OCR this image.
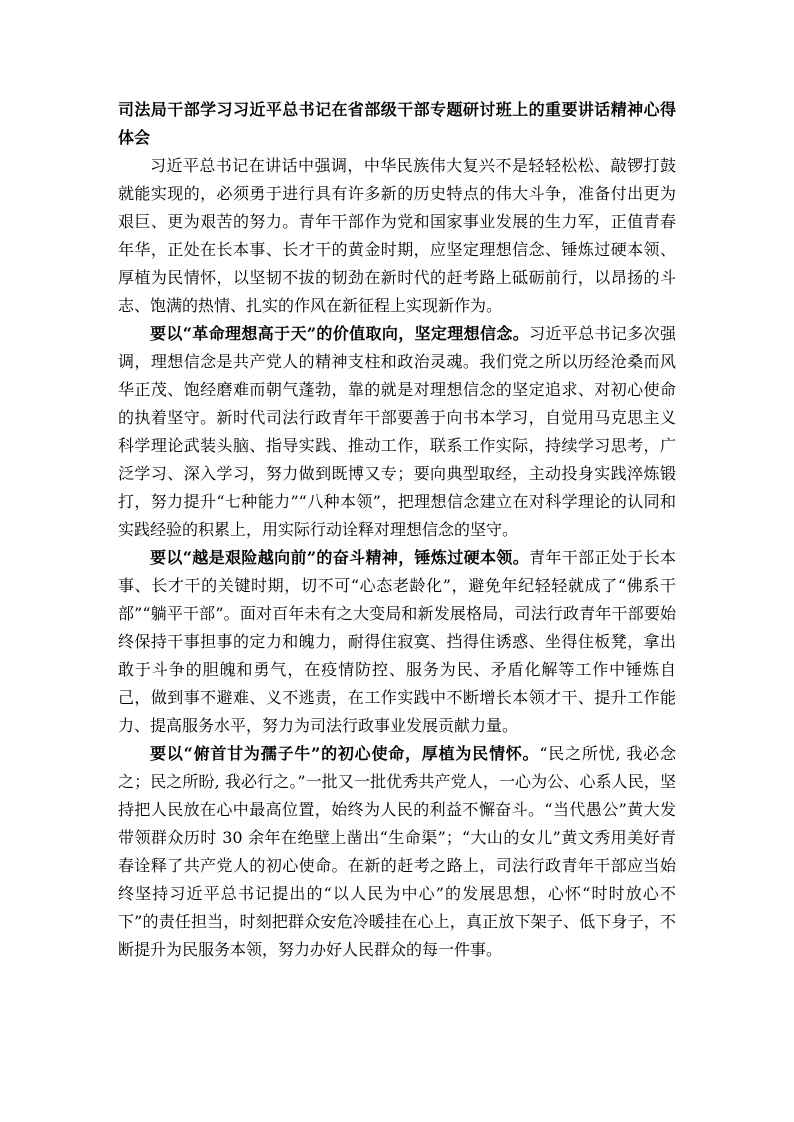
司法局干部学习习近平总书记在省部级干部专题研讨班上的重要讲话精神心得体会

习近平总书记在讲话中强调，中华民族伟大复兴不是轻轻松松、敲锣打鼓就能实现的，必须勇于进行具有许多新的历史特点的伟大斗争，准备付出更为艰巨、更为艰苦的努力。青年干部作为党和国家事业发展的生力军，正值青春年华，正处在长本事、长才干的黄金时期，应坚定理想信念、锤炼过硬本领、厚植为民情怀，以坚韧不拔的韧劲在新时代的赶考路上砥砺前行，以昂扬的斗志、饱满的热情、扎实的作风在新征程上实现新作为。

要以“革命理想高于天”的价值取向，坚定理想信念。习近平总书记多次强调，理想信念是共产党人的精神支柱和政治灵魂。我们党之所以历经沧桑而风华正茂、饱经磨难而朝气蓬勃，靠的就是对理想信念的坚定追求、对初心使命的执着坚守。新时代司法行政青年干部要善于向书本学习，自觉用马克思主义科学理论武装头脑、指导实践、推动工作，联系工作实际，持续学习思考，广泛学习、深入学习，努力做到既博又专；要向典型取经，主动投身实践淬炼锻打，努力提升“七种能力”“八种本领”，把理想信念建立在对科学理论的认同和实践经验的积累上，用实际行动诠释对理想信念的坚守。

要以“越是艰险越向前”的奋斗精神，锤炼过硬本领。青年干部正处于长本事、长才干的关键时期，切不可“心态老龄化”，避免年纪轻轻就成了“佛系干部”“躺平干部”。面对百年未有之大变局和新发展格局，司法行政青年干部要始终保持干事担事的定力和魄力，耐得住寂寞、挡得住诱惑、坐得住板凳，拿出敢于斗争的胆魄和勇气，在疫情防控、服务为民、矛盾化解等工作中锤炼自己，做到事不避难、义不逃责，在工作实践中不断增长本领才干、提升工作能力、提高服务水平，努力为司法行政事业发展贡献力量。

要以“俯首甘为孺子牛”的初心使命，厚植为民情怀。“民之所忧, 我必念之；民之所盼, 我必行之。”一批又一批优秀共产党人，一心为公、心系人民，坚持把人民放在心中最高位置，始终为人民的利益不懈奋斗。“当代愚公”黄大发带领群众历时 30 余年在绝壁上凿出“生命渠”；“大山的女儿”黄文秀用美好青春诠释了共产党人的初心使命。在新的赶考之路上，司法行政青年干部应当始终坚持习近平总书记提出的“以人民为中心”的发展思想，心怀“时时放心不下”的责任担当，时刻把群众安危冷暖挂在心上，真正放下架子、低下身子，不断提升为民服务本领，努力办好人民群众的每一件事。
